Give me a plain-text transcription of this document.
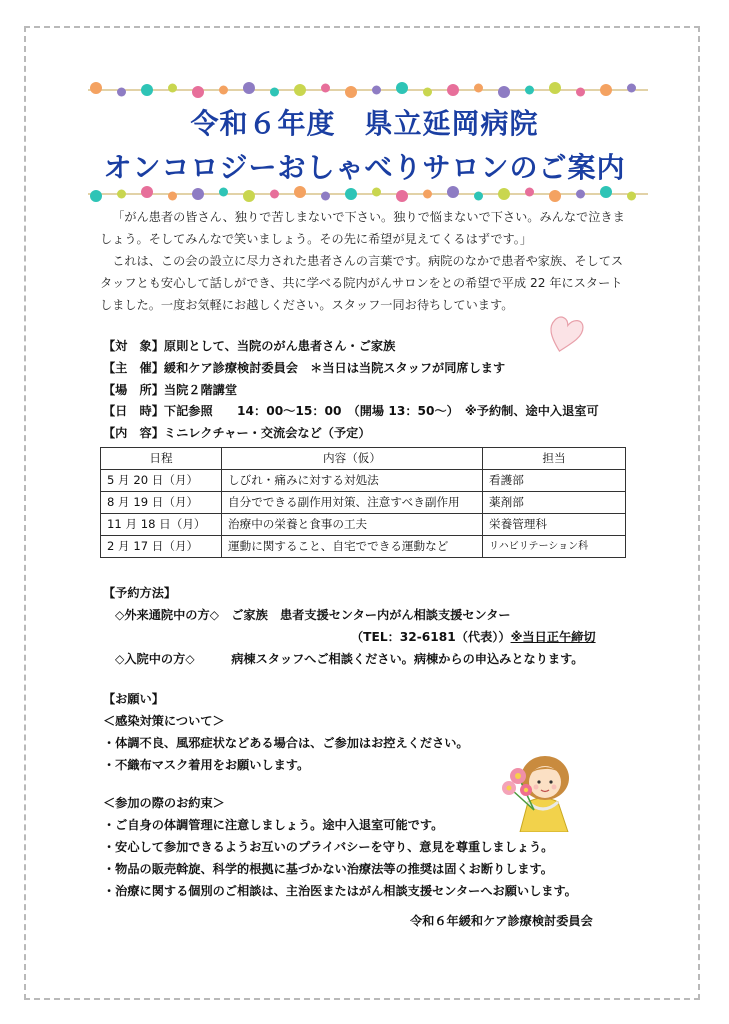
令和６年度　県立延岡病院
オンコロジーおしゃべりサロンのご案内

「がん患者の皆さん、独りで苦しまないで下さい。独りで悩まないで下さい。みんなで泣きましょう。そしてみんなで笑いましょう。その先に希望が見えてくるはずです。」

これは、この会の設立に尽力された患者さんの言葉です。病院のなかで患者や家族、そしてスタッフとも安心して話しができ、共に学べる院内がんサロンをとの希望で平成 22 年にスタートしました。一度お気軽にお越しください。スタッフ一同お待ちしています。

【対　象】原則として、当院のがん患者さん・ご家族
【主　催】緩和ケア診療検討委員会　＊当日は当院スタッフが同席します
【場　所】当院２階講堂
【日　時】下記参照　　14：00～15：00　（開場 13：50～）　※予約制、途中入退室可
【内　容】ミニレクチャー・交流会など（予定）
日程	内容（仮）	担当
5 月 20 日（月）	しびれ・痛みに対する対処法	看護部
8 月 19 日（月）	自分でできる副作用対策、注意すべき副作用	薬剤部
11 月 18 日（月）	治療中の栄養と食事の工夫	栄養管理科
2 月 17 日（月）	運動に関すること、自宅でできる運動など	リハビリテーション科
【予約方法】
◇外来通院中の方◇　ご家族　患者支援センター内がん相談支援センター
（TEL：32-6181（代表））※当日正午締切
◇入院中の方◇　　　病棟スタッフへご相談ください。病棟からの申込みとなります。
【お願い】
＜感染対策について＞
・体調不良、風邪症状などある場合は、ご参加はお控えください。
・不織布マスク着用をお願いします。
＜参加の際のお約束＞
・ご自身の体調管理に注意しましょう。途中入退室可能です。
・安心して参加できるようお互いのプライバシーを守り、意見を尊重しましょう。
・物品の販売斡旋、科学的根拠に基づかない治療法等の推奨は固くお断りします。
・治療に関する個別のご相談は、主治医またはがん相談支援センターへお願いします。
令和６年緩和ケア診療検討委員会
